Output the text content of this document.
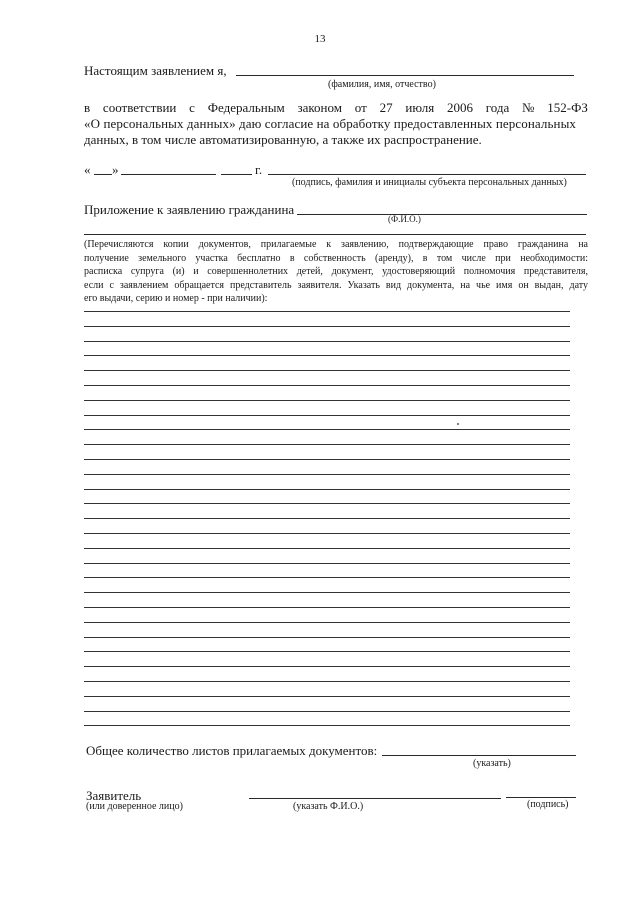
13
Настоящим заявлением я,
(фамилия, имя, отчество)
в соответствии с Федеральным законом от 27 июля 2006 года № 152-ФЗ
«О персональных данных» даю согласие на обработку предоставленных персональных
данных, в том числе автоматизированную, а также их распространение.
« »	г.
(подпись, фамилия и инициалы субъекта персональных данных)
Приложение к заявлению гражданина
(Ф.И.О.)
(Перечисляются копии документов, прилагаемые к заявлению, подтверждающие право гражданина на
получение земельного участка бесплатно в собственность (аренду), в том числе при необходимости:
расписка супруга (и) и совершеннолетних детей, документ, удостоверяющий полномочия представителя,
если с заявлением обращается представитель заявителя. Указать вид документа, на чье имя он выдан, дату
его выдачи, серию и номер - при наличии):
Общее количество листов прилагаемых документов:
(указать)
Заявитель
(или доверенное лицо)	(указать Ф.И.О.)	(подпись)
